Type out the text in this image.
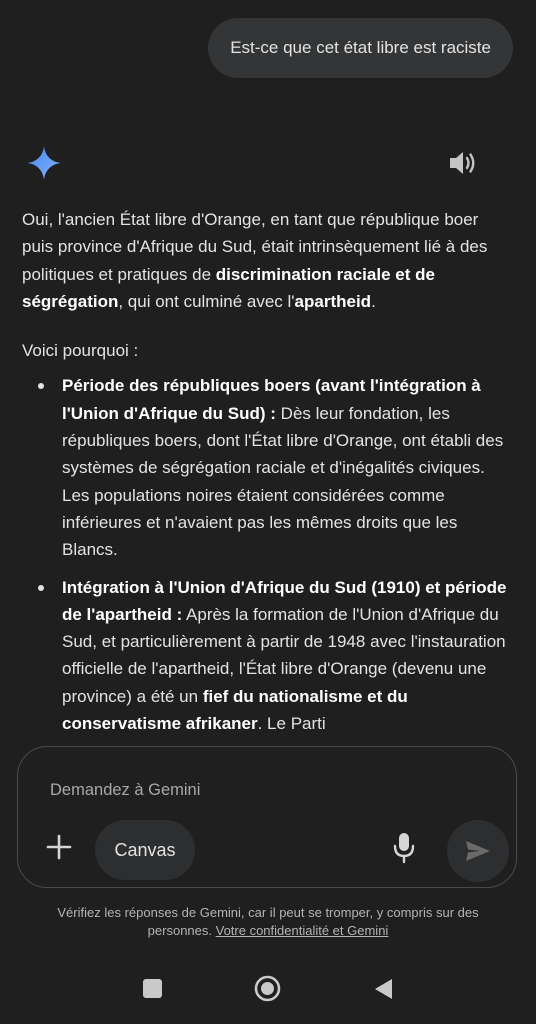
Est-ce que cet état libre est raciste

Oui, l'ancien État libre d'Orange, en tant que république boer puis province d'Afrique du Sud, était intrinsèquement lié à des politiques et pratiques de discrimination raciale et de ségrégation, qui ont culminé avec l'apartheid.

Voici pourquoi :

Période des républiques boers (avant l'intégration à l'Union d'Afrique du Sud) : Dès leur fondation, les républiques boers, dont l'État libre d'Orange, ont établi des systèmes de ségrégation raciale et d'inégalités civiques. Les populations noires étaient considérées comme inférieures et n'avaient pas les mêmes droits que les Blancs.
Intégration à l'Union d'Afrique du Sud (1910) et période de l'apartheid : Après la formation de l'Union d'Afrique du Sud, et particulièrement à partir de 1948 avec l'instauration officielle de l'apartheid, l'État libre d'Orange (devenu une province) a été un fief du nationalisme et du conservatisme afrikaner. Le Parti
Demandez à Gemini
Canvas
Vérifiez les réponses de Gemini, car il peut se tromper, y compris sur des personnes. Votre confidentialité et Gemini
